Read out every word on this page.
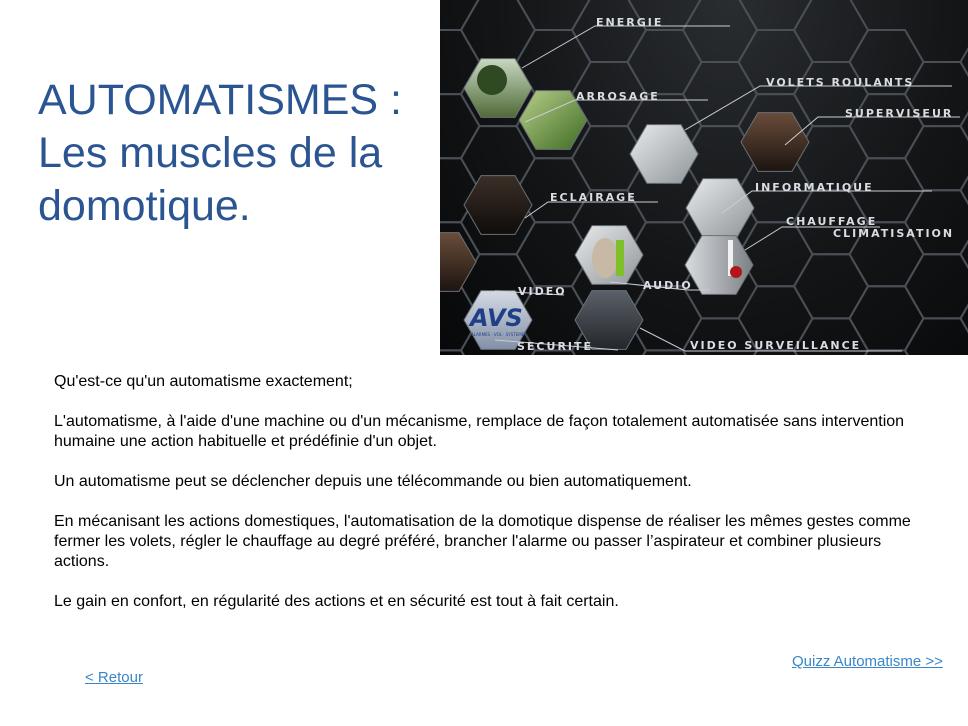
AUTOMATISMES :
Les muscles de la
domotique.
AVS
ALARMES · VOL · SYSTEMES
ENERGIE
ARROSAGE
VOLETS ROULANTS
SUPERVISEUR
ECLAIRAGE
INFORMATIQUE
CHAUFFAGE
CLIMATISATION
VIDEO	AUDIO
SECURITE	VIDEO SURVEILLANCE

Qu'est-ce qu'un automatisme exactement;

L'automatisme, à l'aide d'une machine ou d'un mécanisme, remplace de façon totalement automatisée sans intervention humaine une action habituelle et prédéfinie d'un objet.

Un automatisme peut se déclencher depuis une télécommande ou bien automatiquement.

En mécanisant les actions domestiques, l'automatisation de la domotique dispense de réaliser les mêmes gestes comme fermer les volets, régler le chauffage au degré préféré, brancher l'alarme ou passer l’aspirateur et combiner plusieurs actions.

Le gain en confort, en régularité des actions et en sécurité est tout à fait certain.

Quizz Automatisme >>
< Retour
